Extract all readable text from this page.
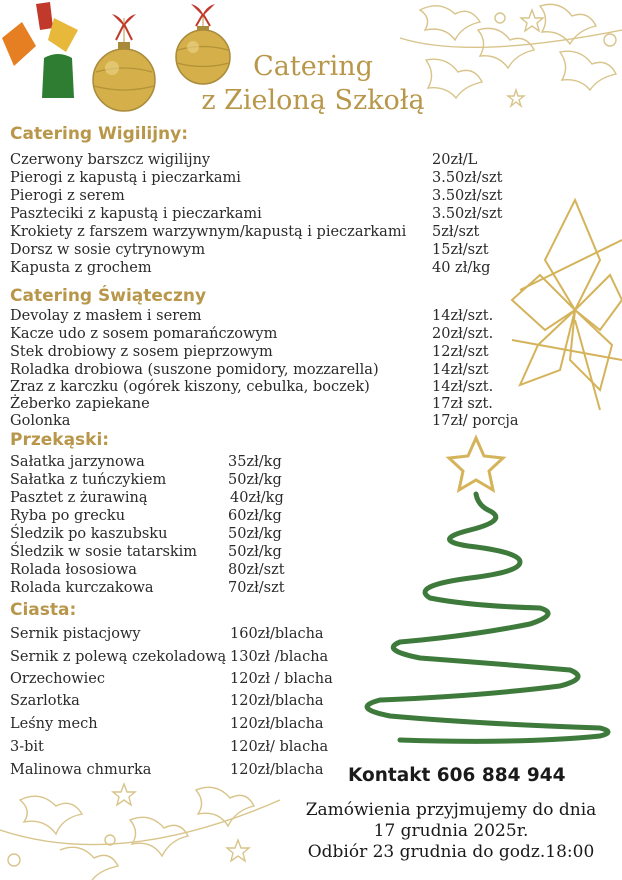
Catering
z Zieloną Szkołą
Catering Wigilijny:
Czerwony barszcz wigilijny	20zł/L
Pierogi z kapustą i pieczarkami	3.50zł/szt
Pierogi z serem	3.50zł/szt
Paszteciki z kapustą i pieczarkami	3.50zł/szt
Krokiety z farszem warzywnym/kapustą i pieczarkami 5zł/szt
Dorsz w sosie cytrynowym	15zł/szt
Kapusta z grochem	40 zł/kg
Catering Świąteczny
Devolay z masłem i serem	14zł/szt.
Kacze udo z sosem pomarańczowym	20zł/szt.
Stek drobiowy z sosem pieprzowym	12zł/szt
Roladka drobiowa (suszone pomidory, mozzarella)	14zł/szt
Zraz z karczku (ogórek kiszony, cebulka, boczek)	14zł/szt.
Żeberko zapiekane	17zł szt.
Golonka	17zł/ porcja
Przekąski:
Sałatka jarzynowa	35zł/kg
Sałatka z tuńczykiem	50zł/kg
Pasztet z żurawiną	40zł/kg
Ryba po grecku	60zł/kg
Śledzik po kaszubsku	50zł/kg
Śledzik w sosie tatarskim 50zł/kg
Rolada łososiowa	80zł/szt
Rolada kurczakowa	70zł/szt
Ciasta:
Sernik pistacjowy	160zł/blacha
Sernik z polewą czekoladową 130zł /blacha
Orzechowiec	120zł / blacha
Szarlotka	120zł/blacha
Leśny mech	120zł/blacha
3-bit	120zł/ blacha
Malinowa chmurka	120zł/blacha Kontakt 606 884 944
Zamówienia przyjmujemy do dnia
17 grudnia 2025r.
Odbiór 23 grudnia do godz.18:00
